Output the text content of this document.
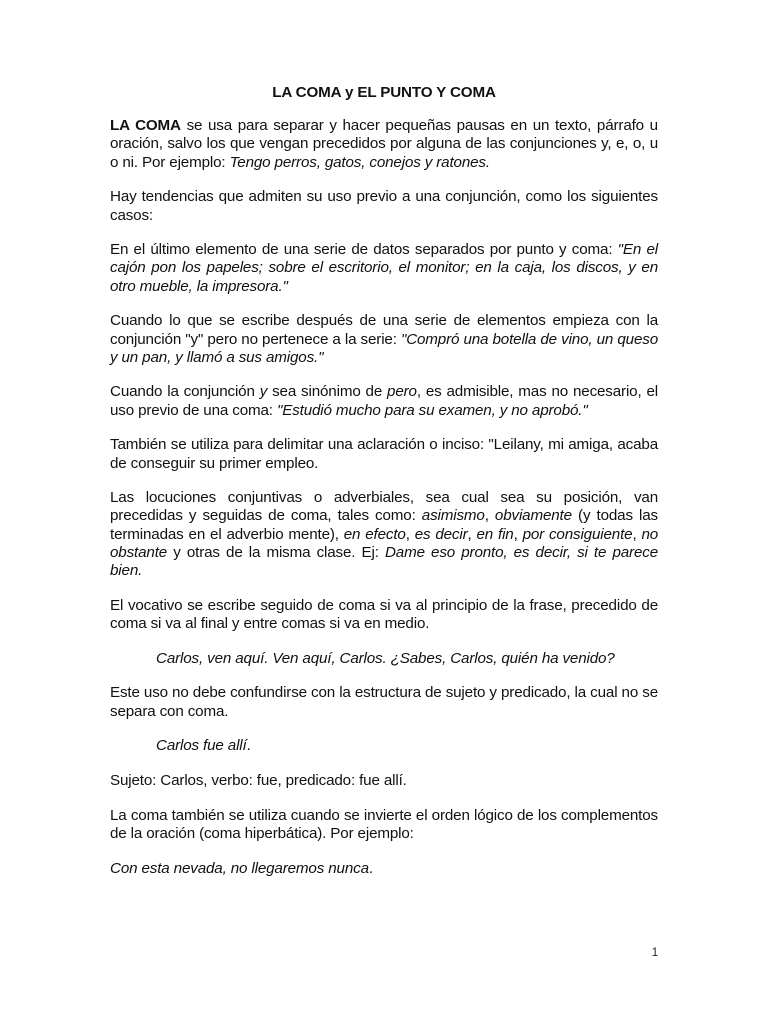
LA COMA y EL PUNTO Y COMA

LA COMA se usa para separar y hacer pequeñas pausas en un texto, párrafo u oración, salvo los que vengan precedidos por alguna de las conjunciones y, e, o, u o ni. Por ejemplo: Tengo perros, gatos, conejos y ratones.

Hay tendencias que admiten su uso previo a una conjunción, como los siguientes casos:

En el último elemento de una serie de datos separados por punto y coma: "En el cajón pon los papeles; sobre el escritorio, el monitor; en la caja, los discos, y en otro mueble, la impresora."

Cuando lo que se escribe después de una serie de elementos empieza con la conjunción "y" pero no pertenece a la serie: "Compró una botella de vino, un queso y un pan, y llamó a sus amigos."

Cuando la conjunción y sea sinónimo de pero, es admisible, mas no necesario, el uso previo de una coma: "Estudió mucho para su examen, y no aprobó."

También se utiliza para delimitar una aclaración o inciso: "Leilany, mi amiga, acaba de conseguir su primer empleo.

Las locuciones conjuntivas o adverbiales, sea cual sea su posición, van precedidas y seguidas de coma, tales como: asimismo, obviamente (y todas las terminadas en el adverbio mente), en efecto, es decir, en fin, por consiguiente, no obstante y otras de la misma clase. Ej: Dame eso pronto, es decir, si te parece bien.

El vocativo se escribe seguido de coma si va al principio de la frase, precedido de coma si va al final y entre comas si va en medio.

Carlos, ven aquí. Ven aquí, Carlos. ¿Sabes, Carlos, quién ha venido?

Este uso no debe confundirse con la estructura de sujeto y predicado, la cual no se separa con coma.

Carlos fue allí.

Sujeto: Carlos, verbo: fue, predicado: fue allí.

La coma también se utiliza cuando se invierte el orden lógico de los complementos de la oración (coma hiperbática). Por ejemplo:

Con esta nevada, no llegaremos nunca.

1
